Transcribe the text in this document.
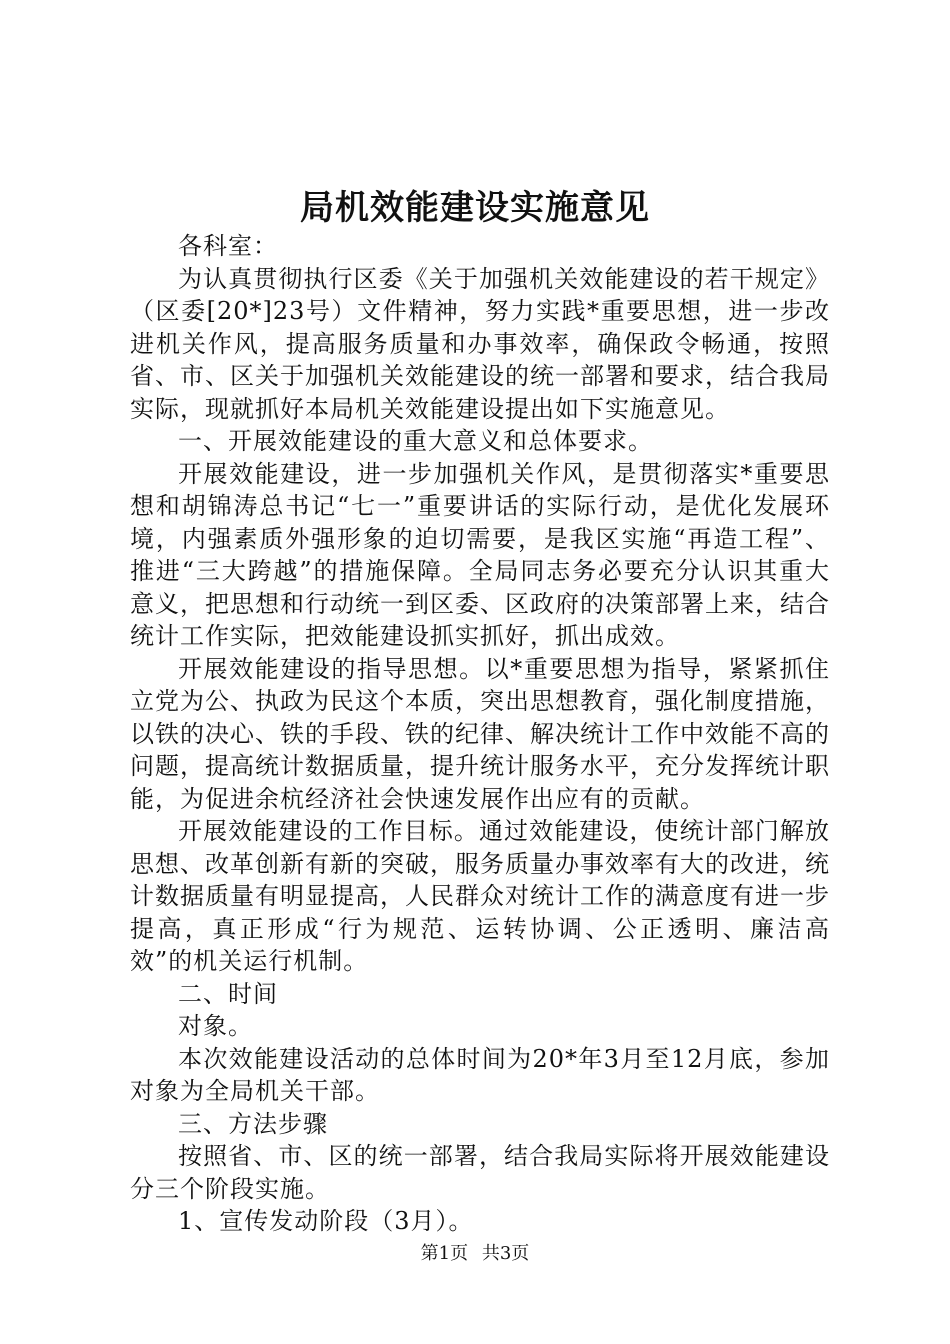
局机效能建设实施意见

各科室：

为认真贯彻执行区委《关于加强机关效能建设的若干规定》（区委[20*]23号）文件精神，努力实践*重要思想，进一步改进机关作风，提高服务质量和办事效率，确保政令畅通，按照省、市、区关于加强机关效能建设的统一部署和要求，结合我局实际，现就抓好本局机关效能建设提出如下实施意见。

一、开展效能建设的重大意义和总体要求。

开展效能建设，进一步加强机关作风，是贯彻落实*重要思想和胡锦涛总书记“七一”重要讲话的实际行动，是优化发展环境，内强素质外强形象的迫切需要，是我区实施“再造工程”、推进“三大跨越”的措施保障。全局同志务必要充分认识其重大意义，把思想和行动统一到区委、区政府的决策部署上来，结合统计工作实际，把效能建设抓实抓好，抓出成效。

开展效能建设的指导思想。以*重要思想为指导，紧紧抓住立党为公、执政为民这个本质，突出思想教育，强化制度措施，以铁的决心、铁的手段、铁的纪律、解决统计工作中效能不高的问题，提高统计数据质量，提升统计服务水平，充分发挥统计职能，为促进余杭经济社会快速发展作出应有的贡献。

开展效能建设的工作目标。通过效能建设，使统计部门解放思想、改革创新有新的突破，服务质量办事效率有大的改进，统计数据质量有明显提高，人民群众对统计工作的满意度有进一步提高，真正形成“行为规范、运转协调、公正透明、廉洁高效”的机关运行机制。

二、时间

对象。

本次效能建设活动的总体时间为20*年3月至12月底，参加对象为全局机关干部。

三、方法步骤

按照省、市、区的统一部署，结合我局实际将开展效能建设分三个阶段实施。

1、宣传发动阶段（3月）。

第1页 共3页
